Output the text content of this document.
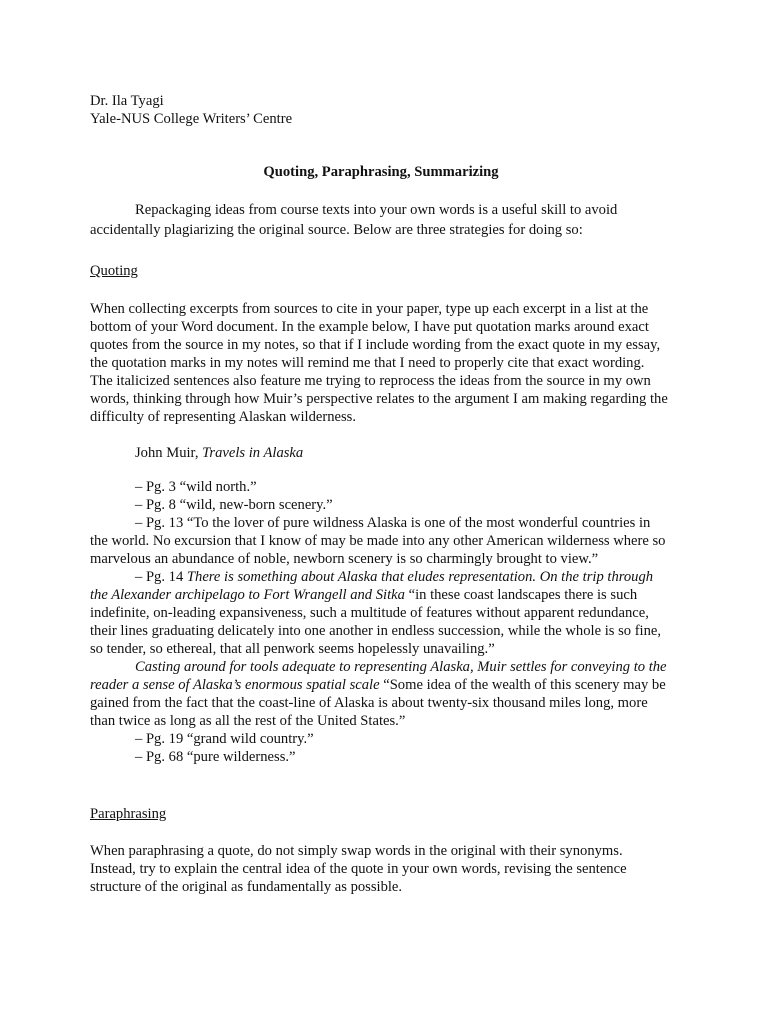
Dr. Ila Tyagi
Yale-NUS College Writers’ Centre
Quoting, Paraphrasing, Summarizing

Repackaging ideas from course texts into your own words is a useful skill to avoid accidentally plagiarizing the original source. Below are three strategies for doing so:

Quoting

When collecting excerpts from sources to cite in your paper, type up each excerpt in a list at the bottom of your Word document. In the example below, I have put quotation marks around exact quotes from the source in my notes, so that if I include wording from the exact quote in my essay, the quotation marks in my notes will remind me that I need to properly cite that exact wording. The italicized sentences also feature me trying to reprocess the ideas from the source in my own words, thinking through how Muir’s perspective relates to the argument I am making regarding the difficulty of representing Alaskan wilderness.

John Muir, Travels in Alaska

– Pg. 3 “wild north.”

– Pg. 8 “wild, new-born scenery.”

– Pg. 13 “To the lover of pure wildness Alaska is one of the most wonderful countries in the world. No excursion that I know of may be made into any other American wilderness where so marvelous an abundance of noble, newborn scenery is so charmingly brought to view.”

– Pg. 14 There is something about Alaska that eludes representation. On the trip through the Alexander archipelago to Fort Wrangell and Sitka “in these coast landscapes there is such indefinite, on-leading expansiveness, such a multitude of features without apparent redundance, their lines graduating delicately into one another in endless succession, while the whole is so fine, so tender, so ethereal, that all penwork seems hopelessly unavailing.”

Casting around for tools adequate to representing Alaska, Muir settles for conveying to the reader a sense of Alaska’s enormous spatial scale “Some idea of the wealth of this scenery may be gained from the fact that the coast-line of Alaska is about twenty-six thousand miles long, more than twice as long as all the rest of the United States.”

– Pg. 19 “grand wild country.”

– Pg. 68 “pure wilderness.”

Paraphrasing

When paraphrasing a quote, do not simply swap words in the original with their synonyms. Instead, try to explain the central idea of the quote in your own words, revising the sentence structure of the original as fundamentally as possible.
